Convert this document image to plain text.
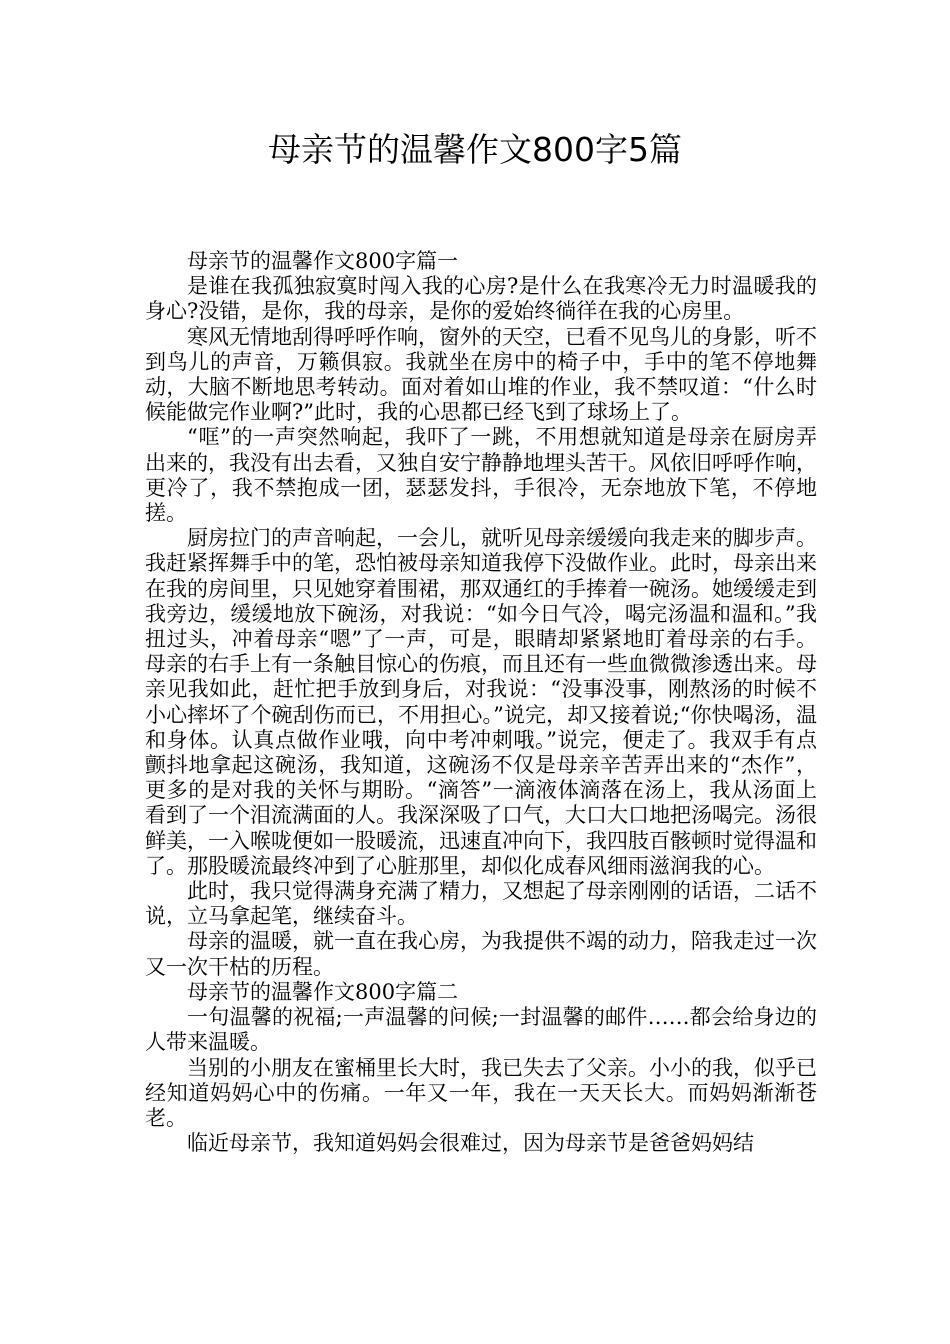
母亲节的温馨作文800字5篇

母亲节的温馨作文800字篇一

是谁在我孤独寂寞时闯入我的心房?是什么在我寒冷无力时温暖我的身心?没错，是你，我的母亲，是你的爱始终徜徉在我的心房里。

寒风无情地刮得呼呼作响，窗外的天空，已看不见鸟儿的身影，听不到鸟儿的声音，万籁俱寂。我就坐在房中的椅子中，手中的笔不停地舞动，大脑不断地思考转动。面对着如山堆的作业，我不禁叹道：“什么时候能做完作业啊?”此时，我的心思都已经飞到了球场上了。

“哐”的一声突然响起，我吓了一跳，不用想就知道是母亲在厨房弄出来的，我没有出去看，又独自安宁静静地埋头苦干。风依旧呼呼作响，更冷了，我不禁抱成一团，瑟瑟发抖，手很冷，无奈地放下笔，不停地搓。

厨房拉门的声音响起，一会儿，就听见母亲缓缓向我走来的脚步声。我赶紧挥舞手中的笔，恐怕被母亲知道我停下没做作业。此时，母亲出来在我的房间里，只见她穿着围裙，那双通红的手捧着一碗汤。她缓缓走到我旁边，缓缓地放下碗汤，对我说：“如今日气冷，喝完汤温和温和。”我扭过头，冲着母亲“嗯”了一声，可是，眼睛却紧紧地盯着母亲的右手。母亲的右手上有一条触目惊心的伤痕，而且还有一些血微微渗透出来。母亲见我如此，赶忙把手放到身后，对我说：“没事没事，刚熬汤的时候不小心摔坏了个碗刮伤而已，不用担心。”说完，却又接着说;“你快喝汤，温和身体。认真点做作业哦，向中考冲刺哦。”说完，便走了。我双手有点颤抖地拿起这碗汤，我知道，这碗汤不仅是母亲辛苦弄出来的“杰作”，更多的是对我的关怀与期盼。“滴答”一滴液体滴落在汤上，我从汤面上看到了一个泪流满面的人。我深深吸了口气，大口大口地把汤喝完。汤很鲜美，一入喉咙便如一股暖流，迅速直冲向下，我四肢百骸顿时觉得温和了。那股暖流最终冲到了心脏那里，却似化成春风细雨滋润我的心。

此时，我只觉得满身充满了精力，又想起了母亲刚刚的话语，二话不说，立马拿起笔，继续奋斗。

母亲的温暖，就一直在我心房，为我提供不竭的动力，陪我走过一次又一次干枯的历程。

母亲节的温馨作文800字篇二

一句温馨的祝福;一声温馨的问候;一封温馨的邮件……都会给身边的人带来温暖。

当别的小朋友在蜜桶里长大时，我已失去了父亲。小小的我，似乎已经知道妈妈心中的伤痛。一年又一年，我在一天天长大。而妈妈渐渐苍老。

临近母亲节，我知道妈妈会很难过，因为母亲节是爸爸妈妈结
